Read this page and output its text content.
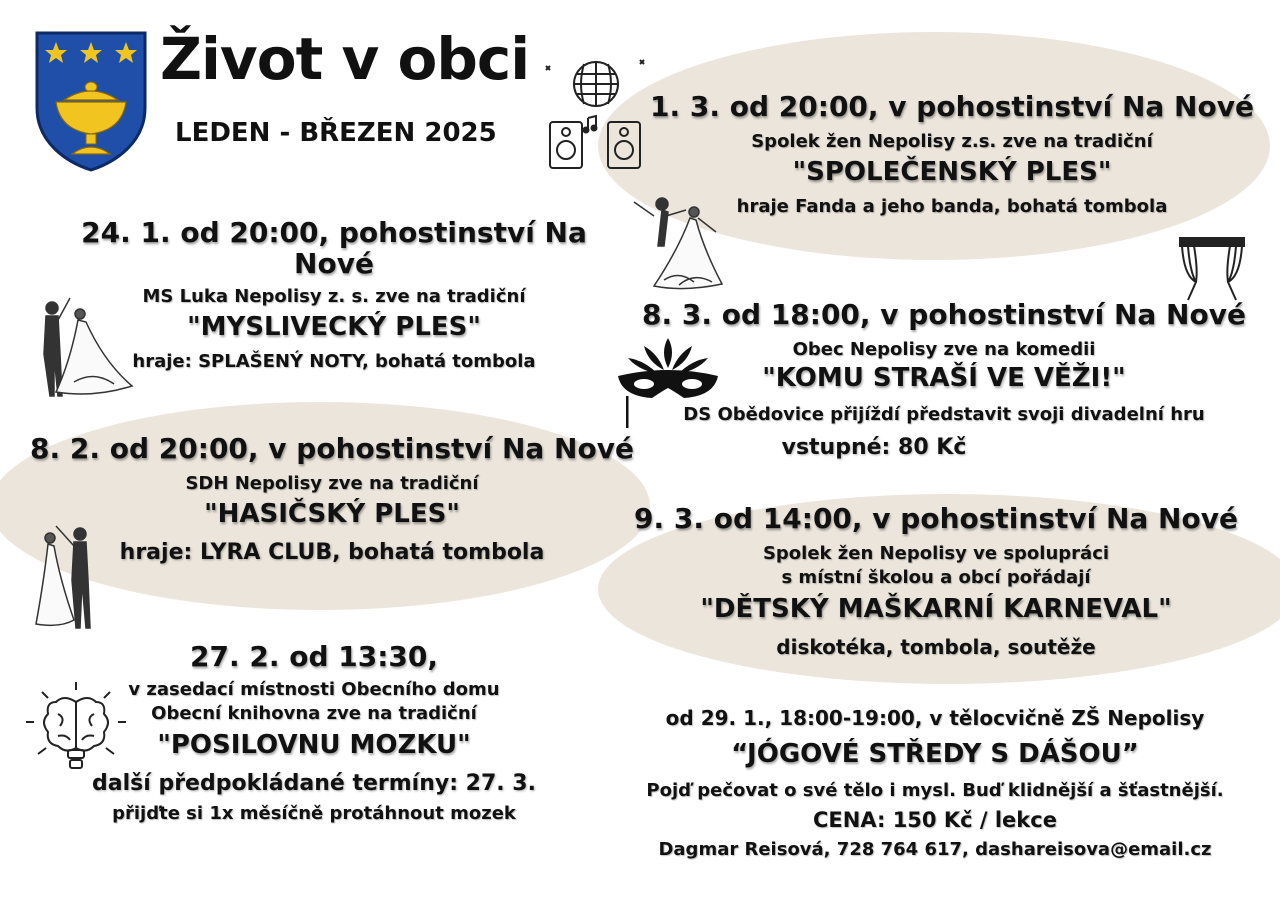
Život v obci
LEDEN - BŘEZEN 2025
24. 1. od 20:00, pohostinství Na Nové
MS Luka Nepolisy z. s. zve na tradiční
"MYSLIVECKÝ PLES"
hraje: SPLAŠENÝ NOTY, bohatá tombola
8. 2. od 20:00, v pohostinství Na Nové
SDH Nepolisy zve na tradiční
"HASIČSKÝ PLES"
hraje: LYRA CLUB, bohatá tombola
27. 2. od 13:30,
v zasedací místnosti Obecního domu
Obecní knihovna zve na tradiční
"POSILOVNU MOZKU"
další předpokládané termíny: 27. 3.
přijďte si 1x měsíčně protáhnout mozek
1. 3. od 20:00, v pohostinství Na Nové
Spolek žen Nepolisy z.s. zve na tradiční
"SPOLEČENSKÝ PLES"
hraje Fanda a jeho banda, bohatá tombola
8. 3. od 18:00, v pohostinství Na Nové
Obec Nepolisy zve na komedii
"KOMU STRAŠÍ VE VĚŽI!"
DS Obědovice přijíždí představit svoji divadelní hru
vstupné: 80 Kč
9. 3. od 14:00, v pohostinství Na Nové
Spolek žen Nepolisy ve spolupráci
s místní školou a obcí pořádají
"DĚTSKÝ MAŠKARNÍ KARNEVAL"
diskotéka, tombola, soutěže
od 29. 1., 18:00-19:00, v tělocvičně ZŠ Nepolisy
“JÓGOVÉ STŘEDY S DÁŠOU”
Pojď pečovat o své tělo i mysl. Buď klidnější a šťastnější.
CENA: 150 Kč / lekce
Dagmar Reisová, 728 764 617, dashareisova@email.cz
